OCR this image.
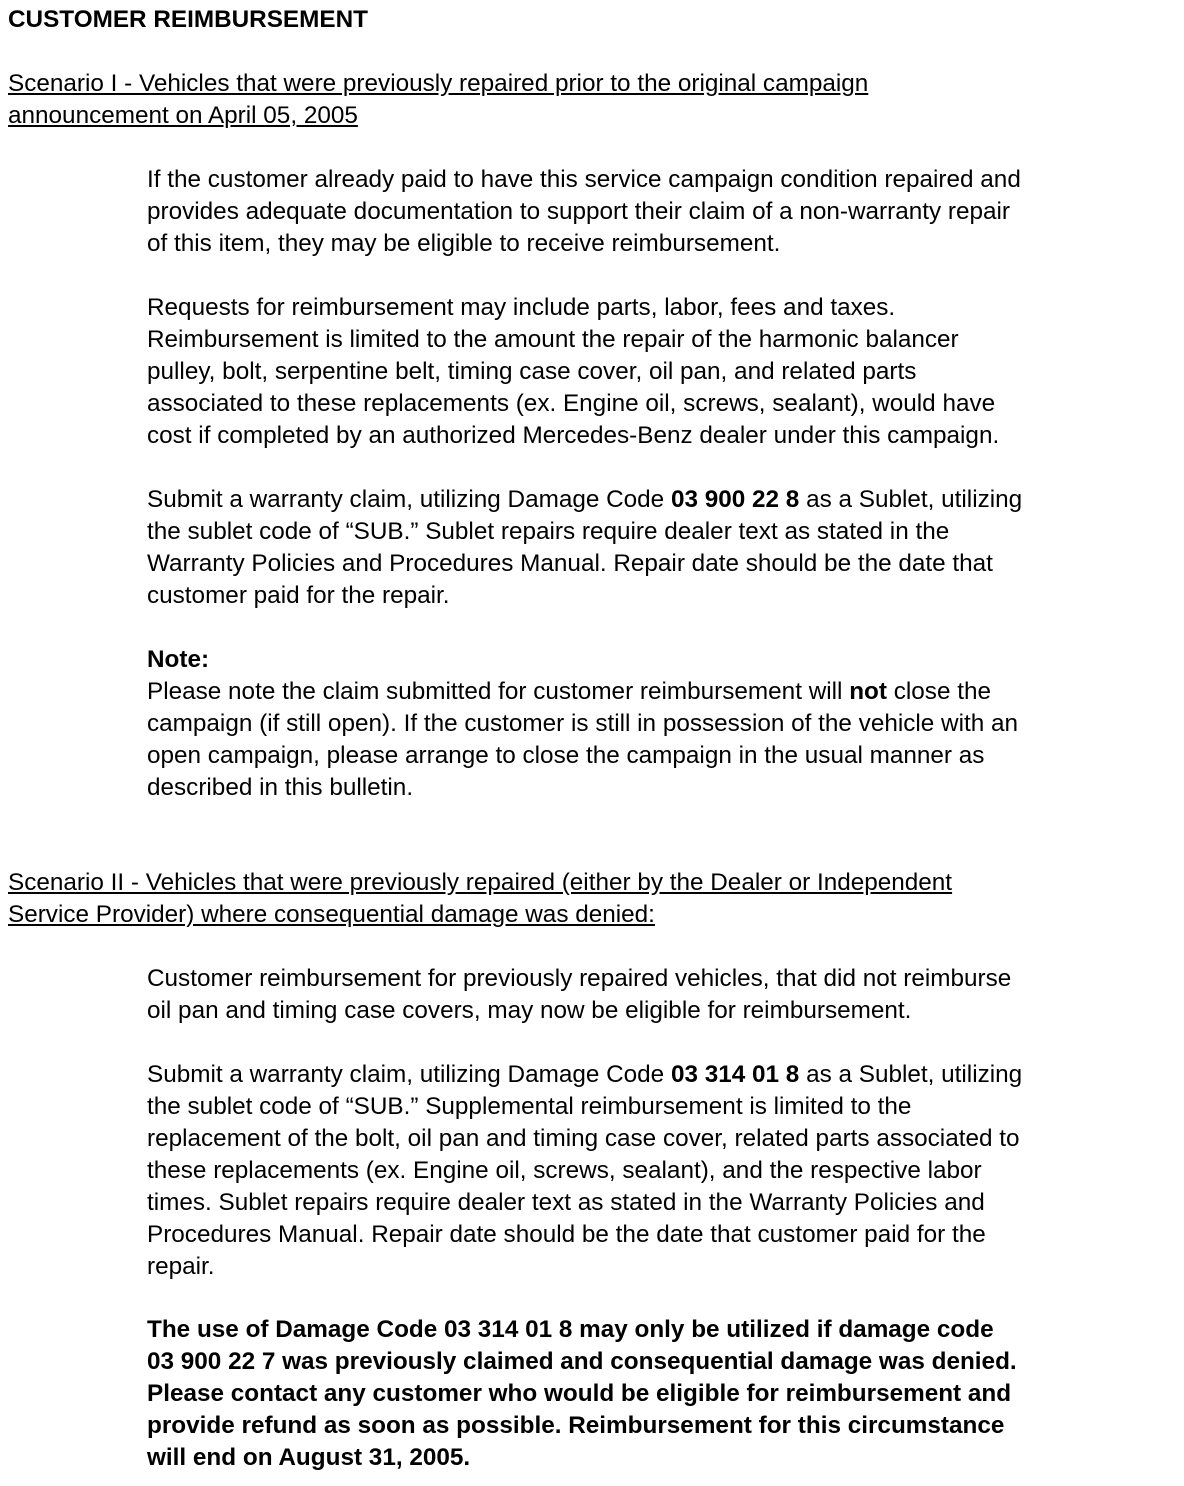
CUSTOMER REIMBURSEMENT
Scenario I - Vehicles that were previously repaired prior to the original campaign
announcement on April 05, 2005
If the customer already paid to have this service campaign condition repaired and
provides adequate documentation to support their claim of a non-warranty repair
of this item, they may be eligible to receive reimbursement.
Requests for reimbursement may include parts, labor, fees and taxes.
Reimbursement is limited to the amount the repair of the harmonic balancer
pulley, bolt, serpentine belt, timing case cover, oil pan, and related parts
associated to these replacements (ex. Engine oil, screws, sealant), would have
cost if completed by an authorized Mercedes-Benz dealer under this campaign.
Submit a warranty claim, utilizing Damage Code 03 900 22 8 as a Sublet, utilizing
the sublet code of “SUB.” Sublet repairs require dealer text as stated in the
Warranty Policies and Procedures Manual. Repair date should be the date that
customer paid for the repair.
Note:
Please note the claim submitted for customer reimbursement will not close the
campaign (if still open). If the customer is still in possession of the vehicle with an
open campaign, please arrange to close the campaign in the usual manner as
described in this bulletin.
Scenario II - Vehicles that were previously repaired (either by the Dealer or Independent
Service Provider) where consequential damage was denied:
Customer reimbursement for previously repaired vehicles, that did not reimburse
oil pan and timing case covers, may now be eligible for reimbursement.
Submit a warranty claim, utilizing Damage Code 03 314 01 8 as a Sublet, utilizing
the sublet code of “SUB.” Supplemental reimbursement is limited to the
replacement of the bolt, oil pan and timing case cover, related parts associated to
these replacements (ex. Engine oil, screws, sealant), and the respective labor
times. Sublet repairs require dealer text as stated in the Warranty Policies and
Procedures Manual. Repair date should be the date that customer paid for the
repair.
The use of Damage Code 03 314 01 8 may only be utilized if damage code
03 900 22 7 was previously claimed and consequential damage was denied.
Please contact any customer who would be eligible for reimbursement and
provide refund as soon as possible. Reimbursement for this circumstance
will end on August 31, 2005.
